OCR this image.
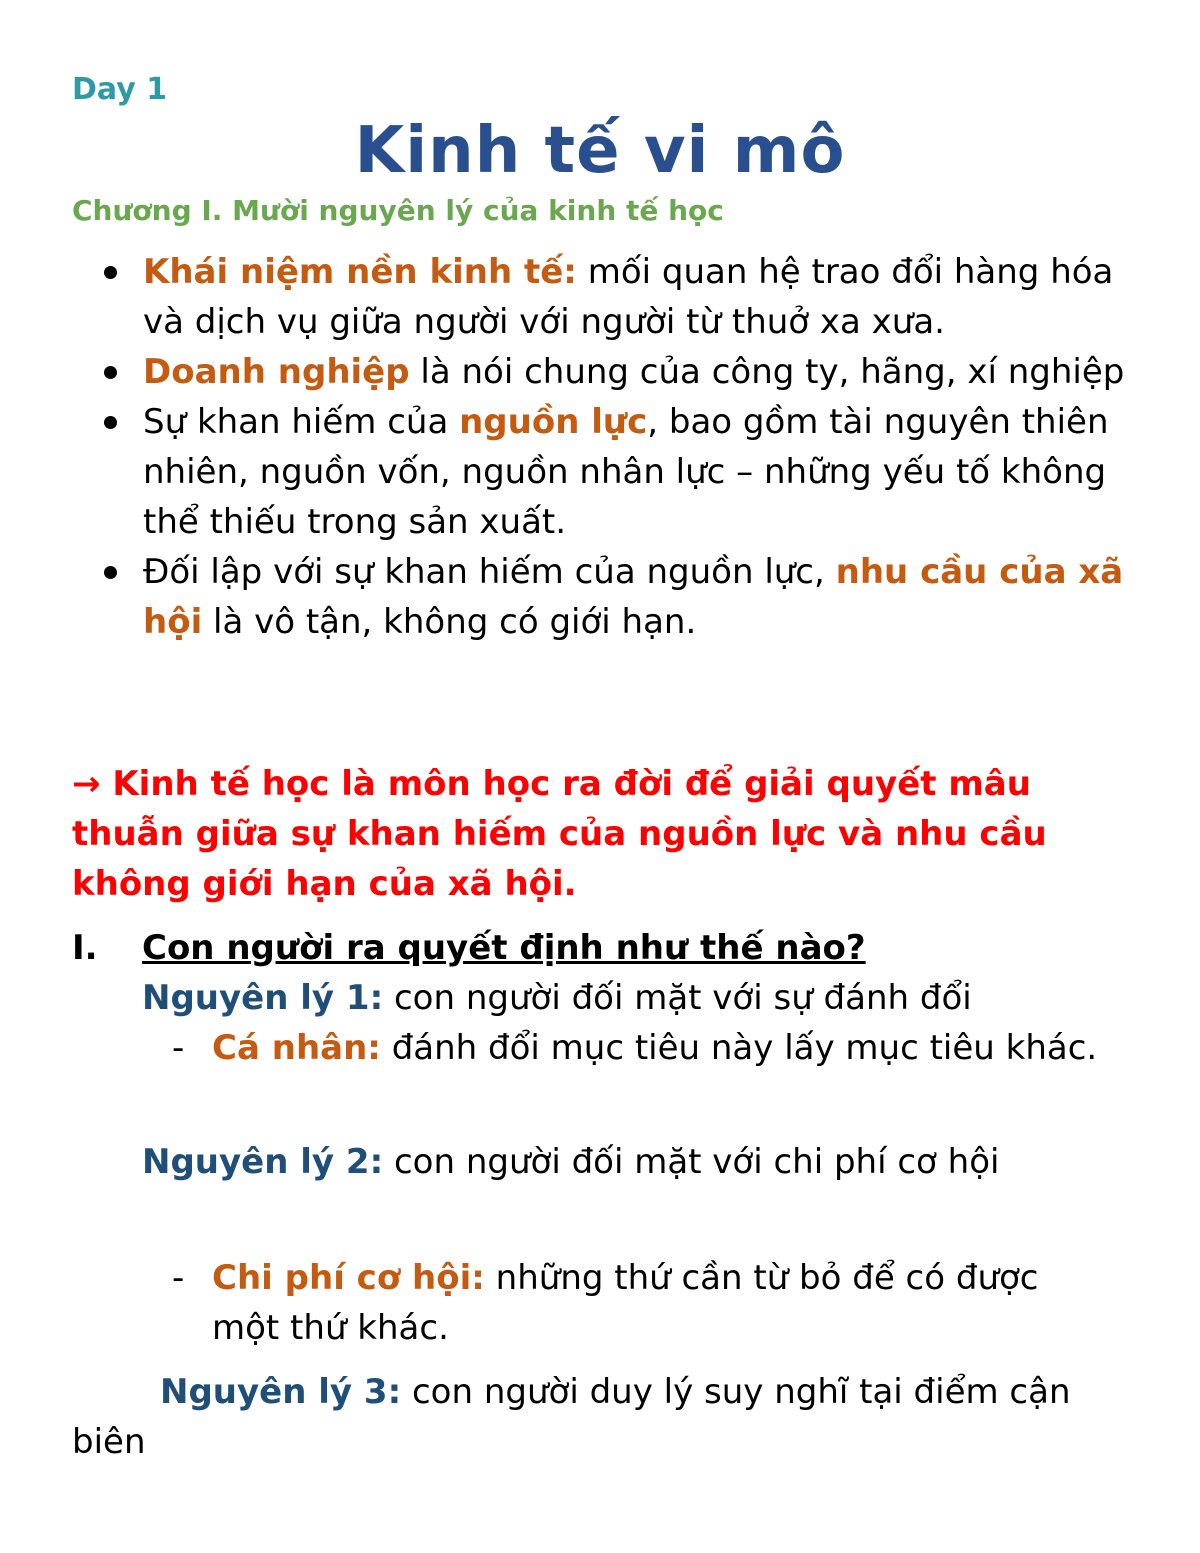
Day 1
Kinh tế vi mô
Chương I. Mười nguyên lý của kinh tế học
Khái niệm nền kinh tế: mối quan hệ trao đổi hàng hóa và dịch vụ giữa người với người từ thuở xa xưa.
Doanh nghiệp là nói chung của công ty, hãng, xí nghiệp
Sự khan hiếm của nguồn lực, bao gồm tài nguyên thiên nhiên, nguồn vốn, nguồn nhân lực – những yếu tố không thể thiếu trong sản xuất.
Đối lập với sự khan hiếm của nguồn lực, nhu cầu của xã hội là vô tận, không có giới hạn.
→ Kinh tế học là môn học ra đời để giải quyết mâu thuẫn giữa sự khan hiếm của nguồn lực và nhu cầu không giới hạn của xã hội.
I. Con người ra quyết định như thế nào?
Nguyên lý 1: con người đối mặt với sự đánh đổi
- Cá nhân: đánh đổi mục tiêu này lấy mục tiêu khác.
Nguyên lý 2: con người đối mặt với chi phí cơ hội
- Chi phí cơ hội: những thứ cần từ bỏ để có được một thứ khác.
Nguyên lý 3: con người duy lý suy nghĩ tại điểm cận biên
